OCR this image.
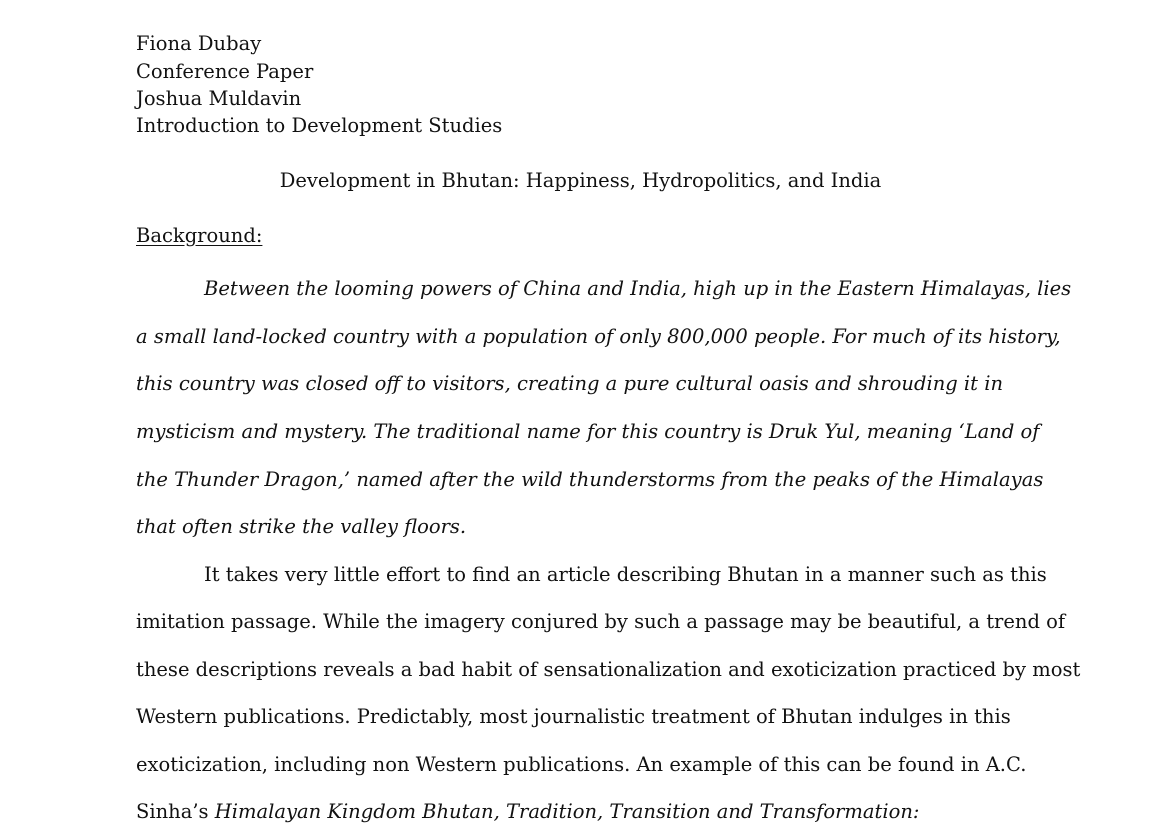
Fiona Dubay
Conference Paper
Joshua Muldavin
Introduction to Development Studies
Development in Bhutan: Happiness, Hydropolitics, and India
Background:
Between the looming powers of China and India, high up in the Eastern Himalayas, lies
a small land-locked country with a population of only 800,000 people. For much of its history,
this country was closed off to visitors, creating a pure cultural oasis and shrouding it in
mysticism and mystery. The traditional name for this country is Druk Yul, meaning ‘Land of
the Thunder Dragon,’ named after the wild thunderstorms from the peaks of the Himalayas
that often strike the valley floors.
It takes very little effort to find an article describing Bhutan in a manner such as this
imitation passage. While the imagery conjured by such a passage may be beautiful, a trend of
these descriptions reveals a bad habit of sensationalization and exoticization practiced by most
Western publications. Predictably, most journalistic treatment of Bhutan indulges in this
exoticization, including non Western publications. An example of this can be found in A.C.
Sinha’s Himalayan Kingdom Bhutan, Tradition, Transition and Transformation:
